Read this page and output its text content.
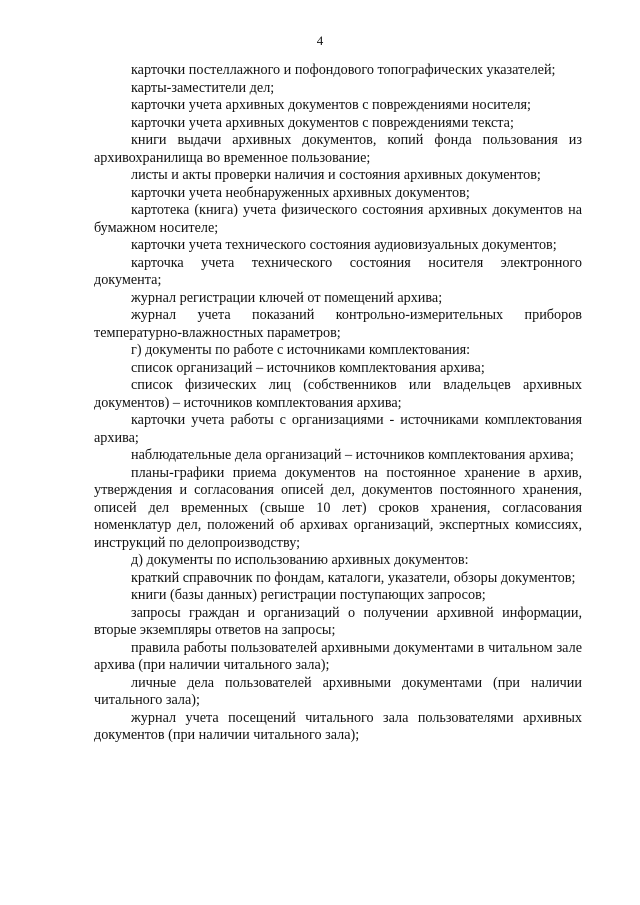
4

карточки постеллажного и пофондового топографических указателей;

карты-заместители дел;

карточки учета архивных документов с повреждениями носителя;

карточки учета архивных документов с повреждениями текста;

книги выдачи архивных документов, копий фонда пользования из архивохранилища во временное пользование;

листы и акты проверки наличия и состояния архивных документов;

карточки учета необнаруженных архивных документов;

картотека (книга) учета физического состояния архивных документов на бумажном носителе;

карточки учета технического состояния аудиовизуальных документов;

карточка учета технического состояния носителя электронного документа;

журнал регистрации ключей от помещений архива;

журнал учета показаний контрольно-измерительных приборов температурно-влажностных параметров;

г) документы по работе с источниками комплектования:

список организаций – источников комплектования архива;

список физических лиц (собственников или владельцев архивных документов) – источников комплектования архива;

карточки учета работы с организациями - источниками комплектования архива;

наблюдательные дела организаций – источников комплектования архива;

планы-графики приема документов на постоянное хранение в архив, утверждения и согласования описей дел, документов постоянного хранения, описей дел временных (свыше 10 лет) сроков хранения, согласования номенклатур дел, положений об архивах организаций, экспертных комиссиях, инструкций по делопроизводству;

д) документы по использованию архивных документов:

краткий справочник по фондам, каталоги, указатели, обзоры документов;

книги (базы данных) регистрации поступающих запросов;

запросы граждан и организаций о получении архивной информации, вторые экземпляры ответов на запросы;

правила работы пользователей архивными документами в читальном зале архива (при наличии читального зала);

личные дела пользователей архивными документами (при наличии читального зала);

журнал учета посещений читального зала пользователями архивных документов (при наличии читального зала);
